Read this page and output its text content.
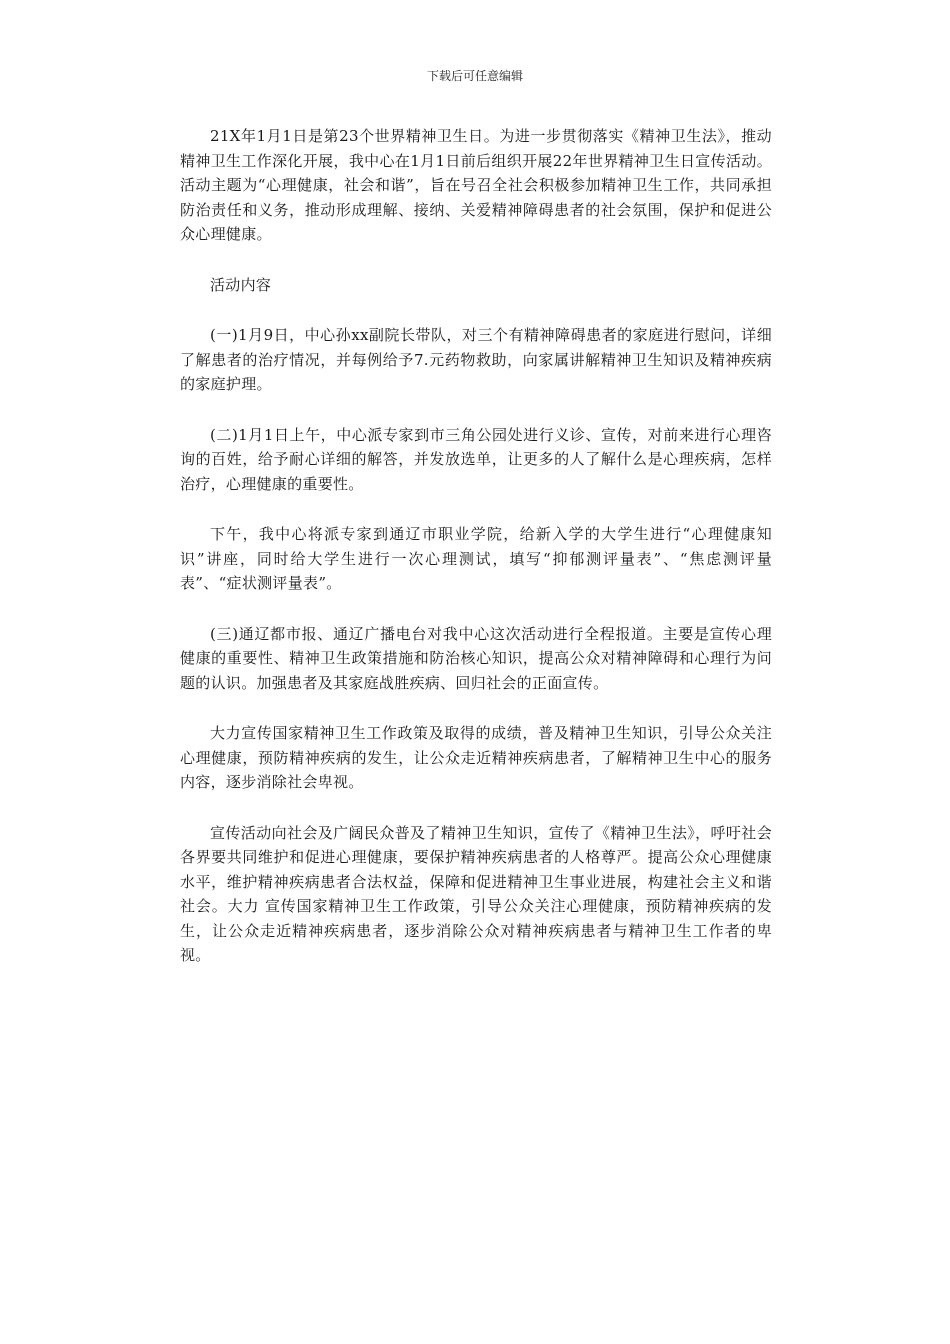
下载后可任意编辑

21X年1月1日是第23个世界精神卫生日。为进一步贯彻落实《精神卫生法》，推动精神卫生工作深化开展，我中心在1月1日前后组织开展22年世界精神卫生日宣传活动。活动主题为“心理健康，社会和谐”，旨在号召全社会积极参加精神卫生工作，共同承担防治责任和义务，推动形成理解、接纳、关爱精神障碍患者的社会氛围，保护和促进公众心理健康。

活动内容

(一)1月9日，中心孙xx副院长带队，对三个有精神障碍患者的家庭进行慰问，详细了解患者的治疗情况，并每例给予7.元药物救助，向家属讲解精神卫生知识及精神疾病的家庭护理。

(二)1月1日上午，中心派专家到市三角公园处进行义诊、宣传，对前来进行心理咨询的百姓，给予耐心详细的解答，并发放选单，让更多的人了解什么是心理疾病，怎样治疗，心理健康的重要性。

下午，我中心将派专家到通辽市职业学院，给新入学的大学生进行“心理健康知识”讲座，同时给大学生进行一次心理测试，填写“抑郁测评量表”、“焦虑测评量表”、“症状测评量表”。

(三)通辽都市报、通辽广播电台对我中心这次活动进行全程报道。主要是宣传心理健康的重要性、精神卫生政策措施和防治核心知识，提高公众对精神障碍和心理行为问题的认识。加强患者及其家庭战胜疾病、回归社会的正面宣传。

大力宣传国家精神卫生工作政策及取得的成绩，普及精神卫生知识，引导公众关注心理健康，预防精神疾病的发生，让公众走近精神疾病患者，了解精神卫生中心的服务内容，逐步消除社会卑视。

宣传活动向社会及广阔民众普及了精神卫生知识，宣传了《精神卫生法》，呼吁社会各界要共同维护和促进心理健康，要保护精神疾病患者的人格尊严。提高公众心理健康水平，维护精神疾病患者合法权益，保障和促进精神卫生事业进展，构建社会主义和谐社会。大力 宣传国家精神卫生工作政策，引导公众关注心理健康，预防精神疾病的发生，让公众走近精神疾病患者，逐步消除公众对精神疾病患者与精神卫生工作者的卑视。
